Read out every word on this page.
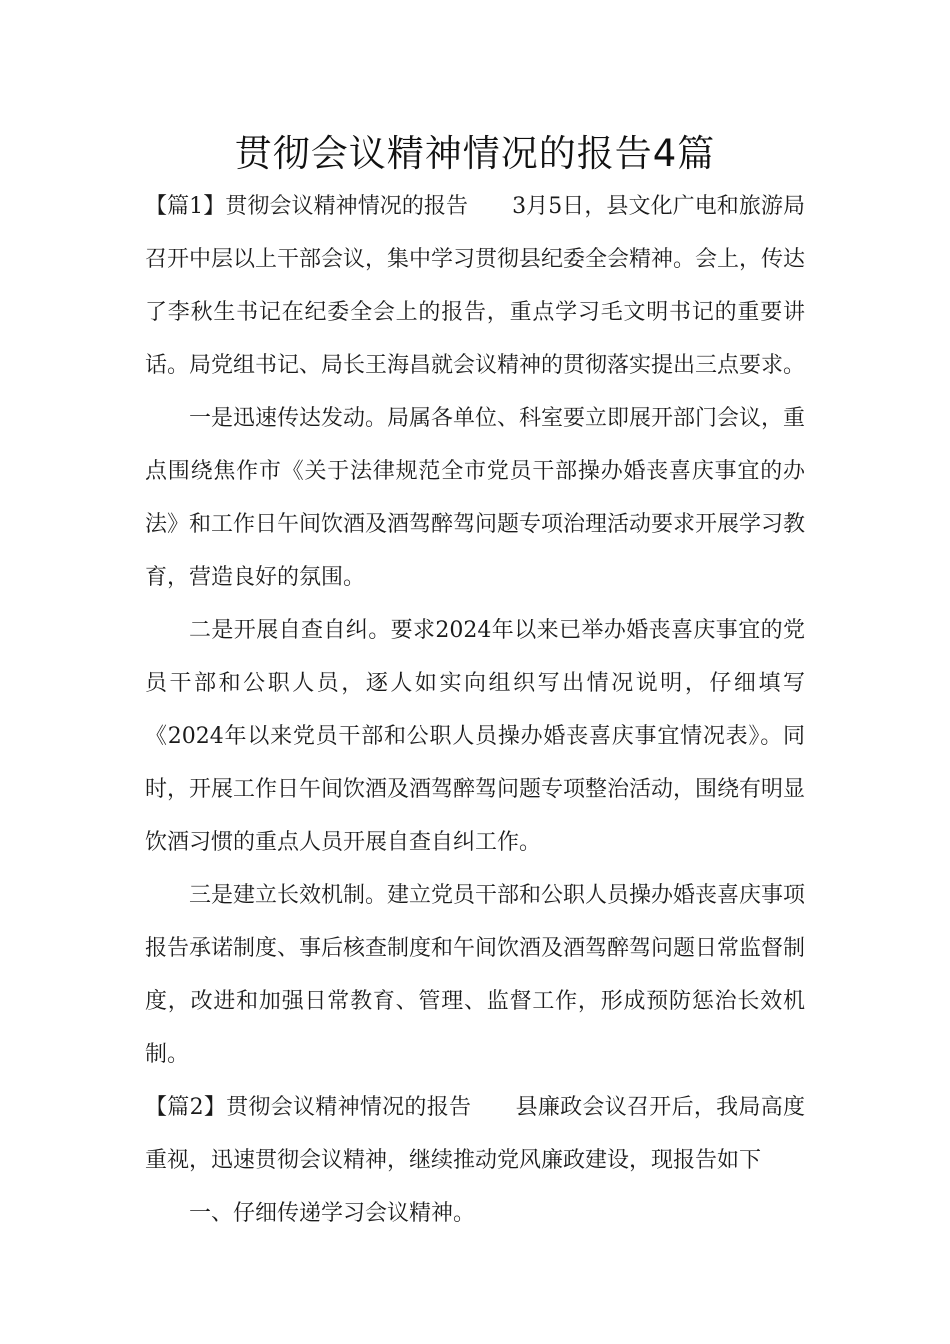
贯彻会议精神情况的报告4篇

【篇1】贯彻会议精神情况的报告 3月5日，县文化广电和旅游局召开中层以上干部会议，集中学习贯彻县纪委全会精神。会上，传达了李秋生书记在纪委全会上的报告，重点学习毛文明书记的重要讲话。局党组书记、局长王海昌就会议精神的贯彻落实提出三点要求。

一是迅速传达发动。局属各单位、科室要立即展开部门会议，重点围绕焦作市《关于法律规范全市党员干部操办婚丧喜庆事宜的办法》和工作日午间饮酒及酒驾醉驾问题专项治理活动要求开展学习教育，营造良好的氛围。

二是开展自查自纠。要求2024年以来已举办婚丧喜庆事宜的党员干部和公职人员，逐人如实向组织写出情况说明，仔细填写《2024年以来党员干部和公职人员操办婚丧喜庆事宜情况表》。同时，开展工作日午间饮酒及酒驾醉驾问题专项整治活动，围绕有明显饮酒习惯的重点人员开展自查自纠工作。

三是建立长效机制。建立党员干部和公职人员操办婚丧喜庆事项报告承诺制度、事后核查制度和午间饮酒及酒驾醉驾问题日常监督制度，改进和加强日常教育、管理、监督工作，形成预防惩治长效机制。

【篇2】贯彻会议精神情况的报告 县廉政会议召开后，我局高度重视，迅速贯彻会议精神，继续推动党风廉政建设，现报告如下

一、仔细传递学习会议精神。
